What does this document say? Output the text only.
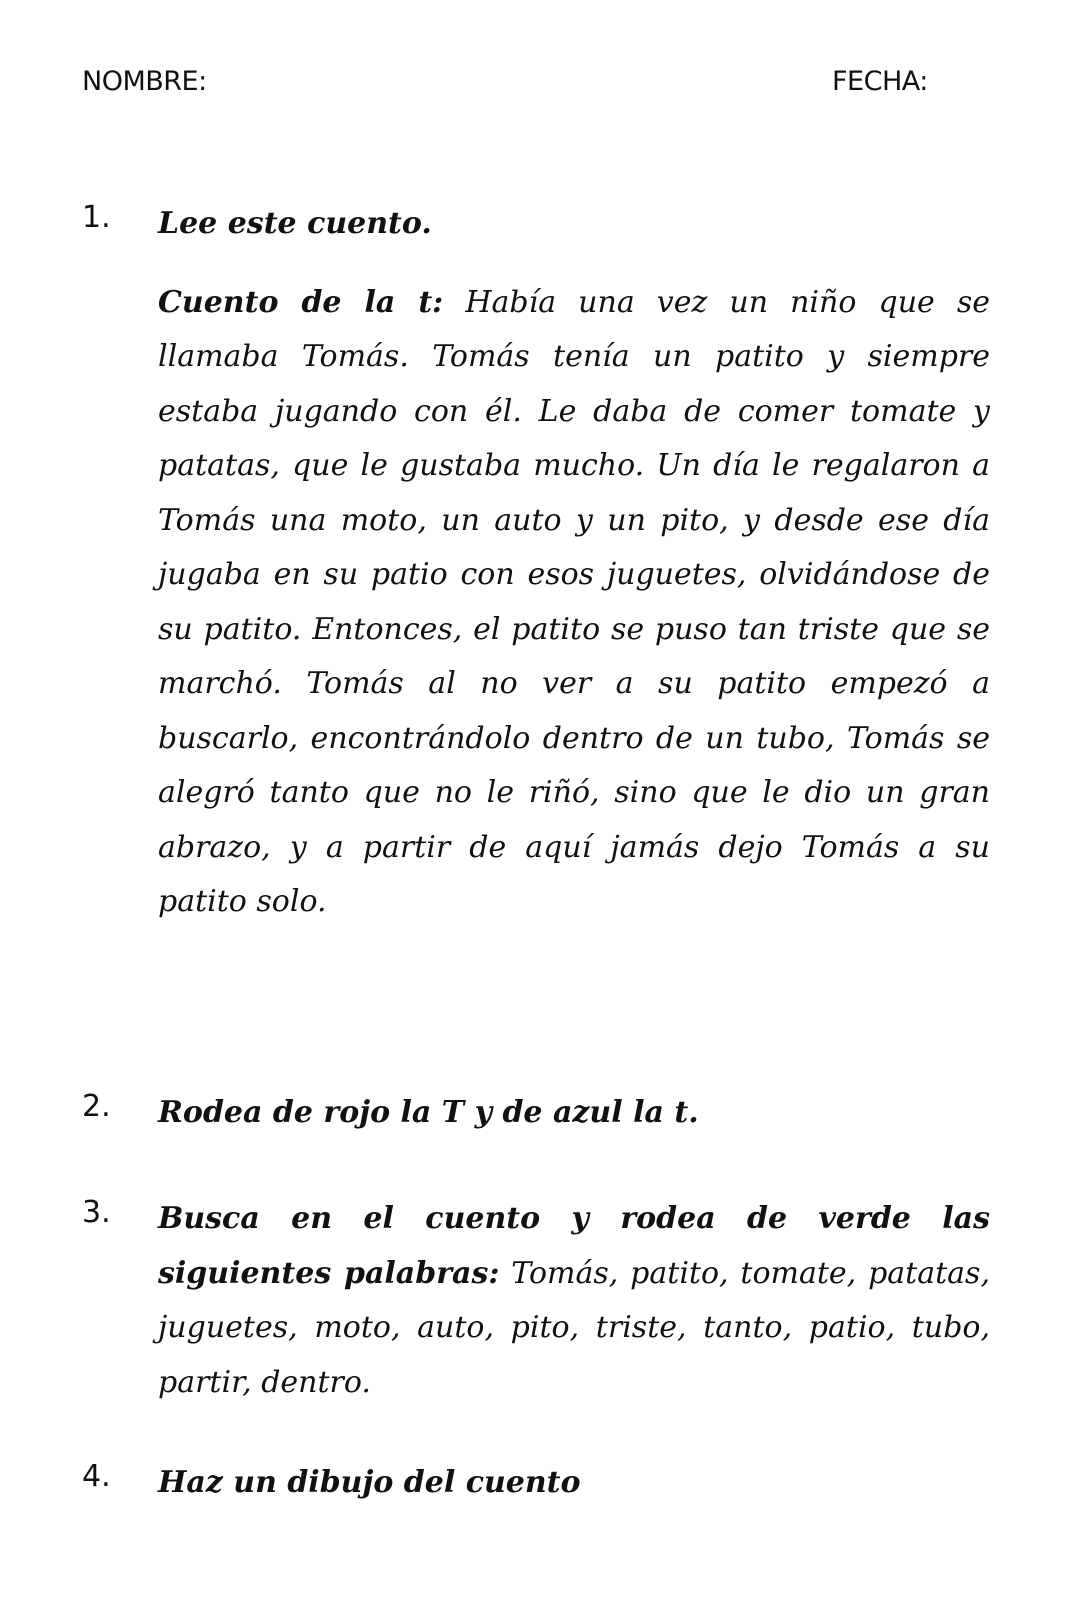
NOMBRE:	FECHA:
1. Lee este cuento.
Cuento de la t: Había una vez un niño que se llamaba Tomás. Tomás tenía un patito y siempre estaba jugando con él. Le daba de comer tomate y patatas, que le gustaba mucho. Un día le regalaron a Tomás una moto, un auto y un pito, y desde ese día jugaba en su patio con esos juguetes, olvidándose de su patito. Entonces, el patito se puso tan triste que se marchó. Tomás al no ver a su patito empezó a buscarlo, encontrándolo dentro de un tubo, Tomás se alegró tanto que no le riñó, sino que le dio un gran abrazo, y a partir de aquí jamás dejo Tomás a su patito solo.
2. Rodea de rojo la T y de azul la t.
3. Busca en el cuento y rodea de verde las siguientes palabras: Tomás, patito, tomate, patatas, juguetes, moto, auto, pito, triste, tanto, patio, tubo, partir, dentro.
4. Haz un dibujo del cuento
